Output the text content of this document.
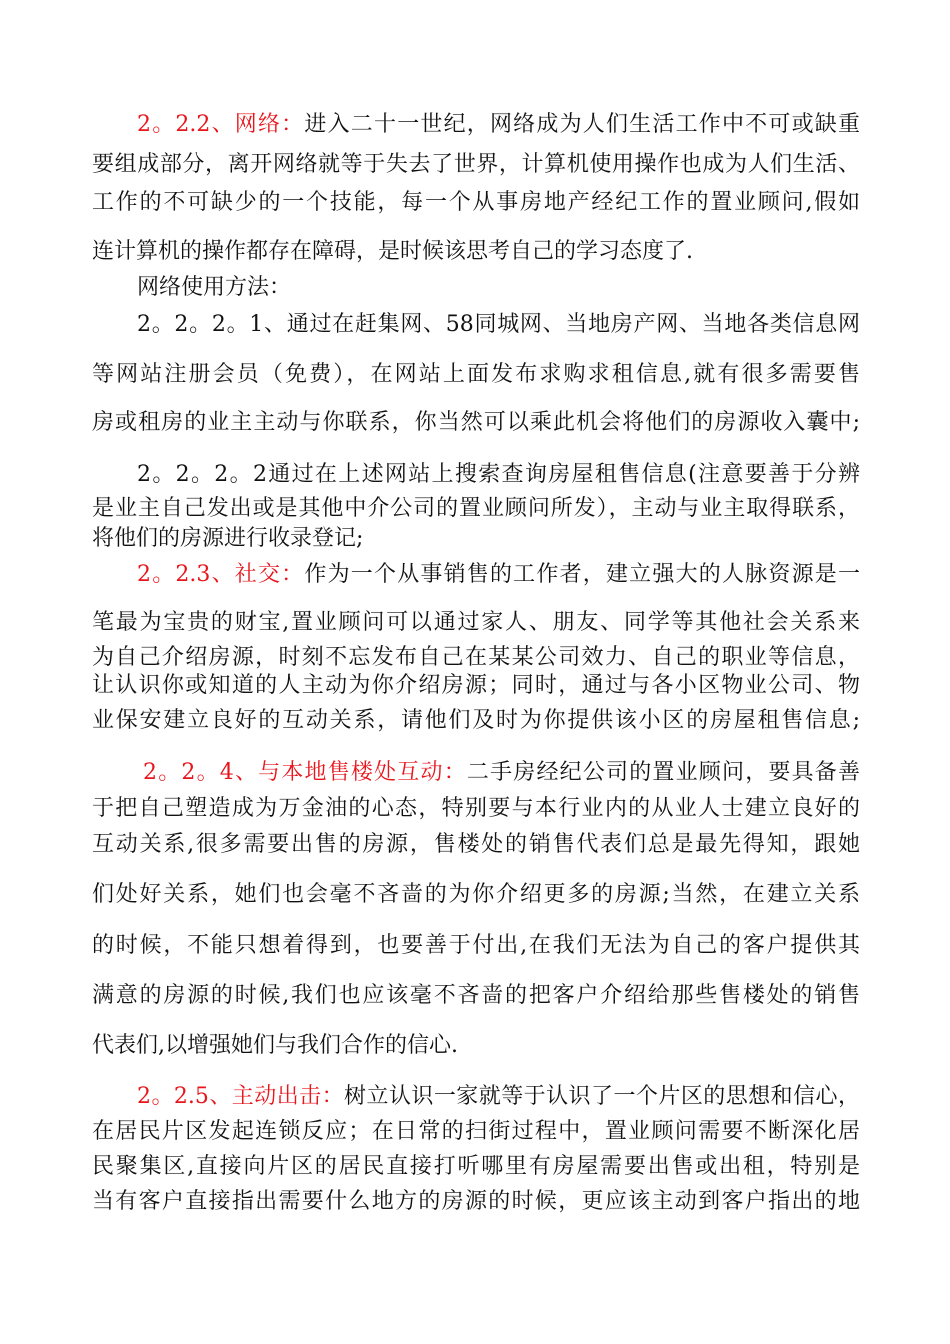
2。2.2、网络：进入二十一世纪，网络成为人们生活工作中不可或缺重
要组成部分，离开网络就等于失去了世界，计算机使用操作也成为人们生活、
工作的不可缺少的一个技能，每一个从事房地产经纪工作的置业顾问,假如
连计算机的操作都存在障碍，是时候该思考自己的学习态度了.
网络使用方法：
2。2。2。1、通过在赶集网、58同城网、当地房产网、当地各类信息网
等网站注册会员（免费），在网站上面发布求购求租信息,就有很多需要售
房或租房的业主主动与你联系，你当然可以乘此机会将他们的房源收入囊中;
2。2。2。2通过在上述网站上搜索查询房屋租售信息(注意要善于分辨
是业主自己发出或是其他中介公司的置业顾问所发），主动与业主取得联系，
将他们的房源进行收录登记;
2。2.3、社交：作为一个从事销售的工作者，建立强大的人脉资源是一
笔最为宝贵的财宝,置业顾问可以通过家人、朋友、同学等其他社会关系来
为自己介绍房源，时刻不忘发布自己在某某公司效力、自己的职业等信息，
让认识你或知道的人主动为你介绍房源；同时，通过与各小区物业公司、物
业保安建立良好的互动关系，请他们及时为你提供该小区的房屋租售信息;
2。2。4、与本地售楼处互动：二手房经纪公司的置业顾问，要具备善
于把自己塑造成为万金油的心态，特别要与本行业内的从业人士建立良好的
互动关系,很多需要出售的房源，售楼处的销售代表们总是最先得知，跟她
们处好关系，她们也会毫不吝啬的为你介绍更多的房源;当然，在建立关系
的时候，不能只想着得到，也要善于付出,在我们无法为自己的客户提供其
满意的房源的时候,我们也应该毫不吝啬的把客户介绍给那些售楼处的销售
代表们,以增强她们与我们合作的信心.
2。2.5、主动出击：树立认识一家就等于认识了一个片区的思想和信心，
在居民片区发起连锁反应；在日常的扫街过程中，置业顾问需要不断深化居
民聚集区,直接向片区的居民直接打听哪里有房屋需要出售或出租，特别是
当有客户直接指出需要什么地方的房源的时候，更应该主动到客户指出的地
